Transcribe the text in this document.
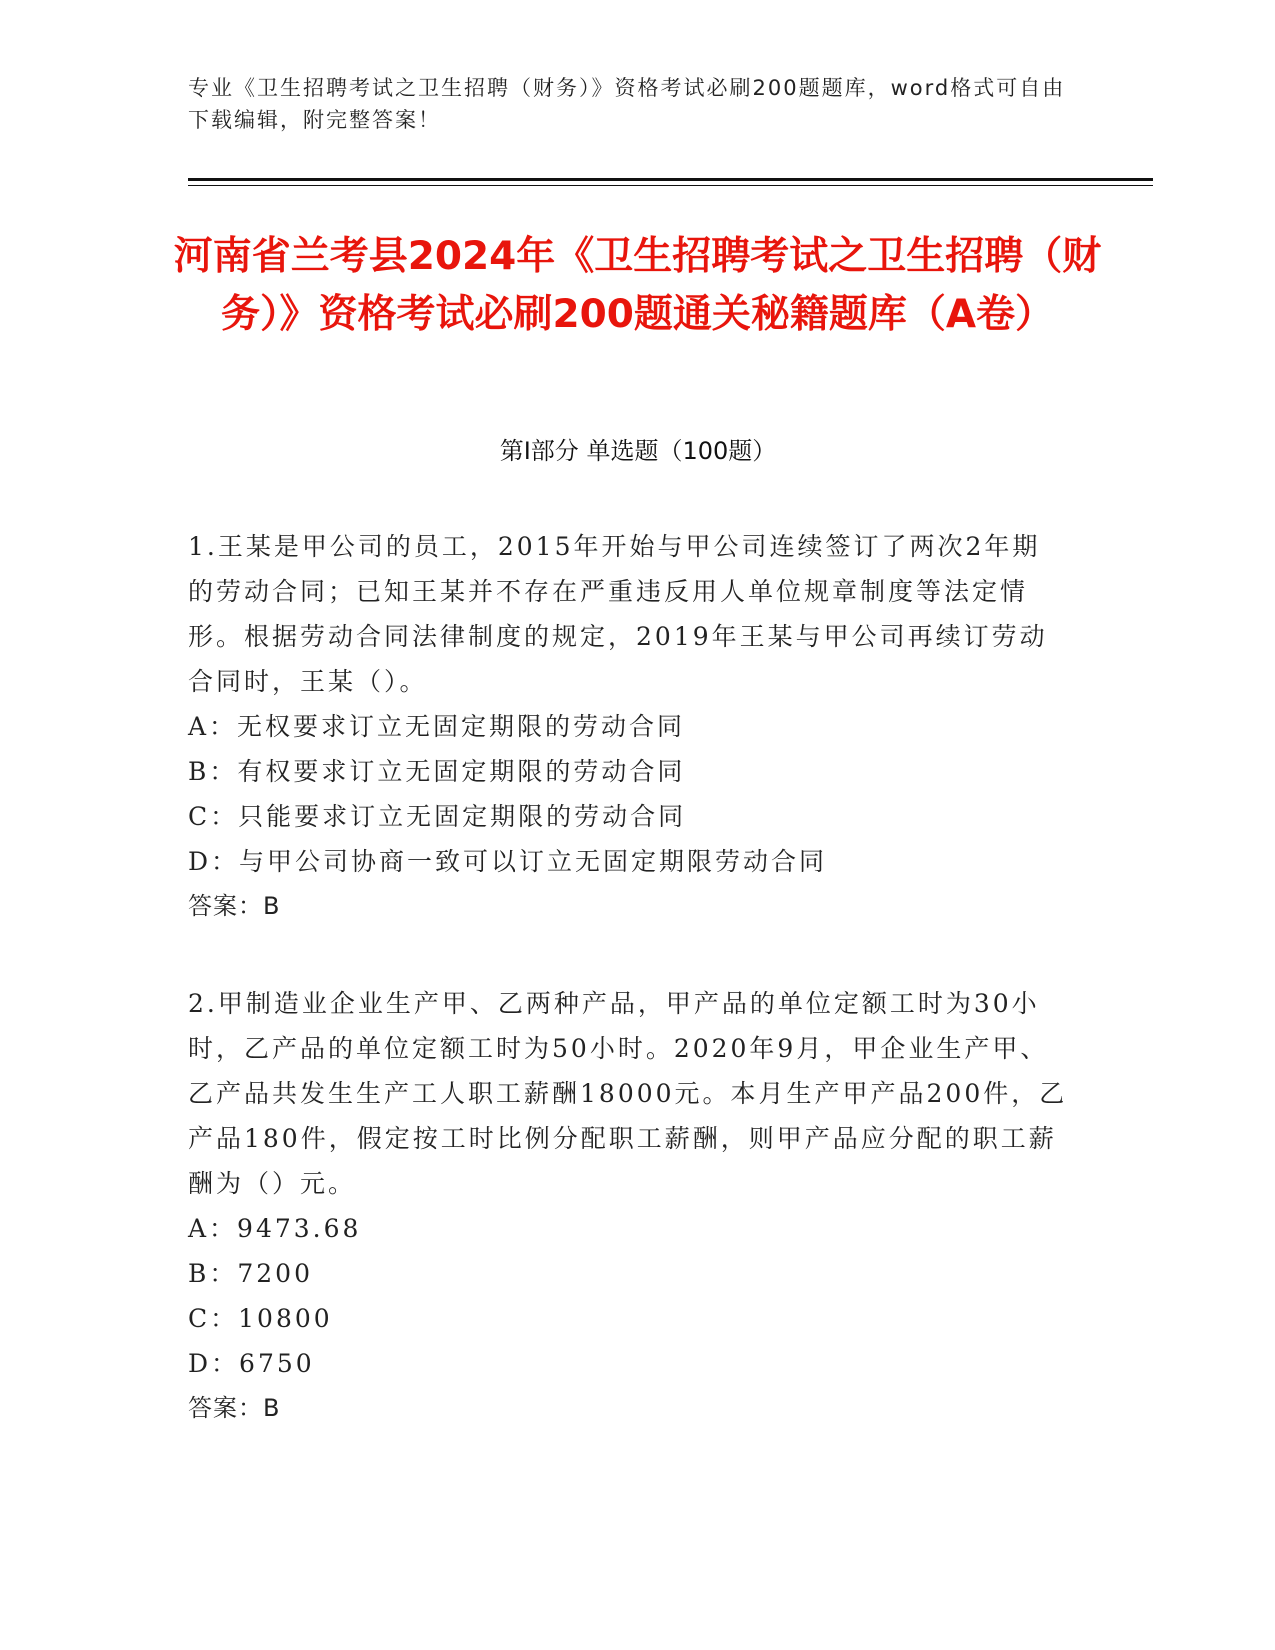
专业《卫生招聘考试之卫生招聘（财务）》资格考试必刷200题题库，word格式可自由下载编辑，附完整答案！
河南省兰考县2024年《卫生招聘考试之卫生招聘（财务）》资格考试必刷200题通关秘籍题库（A卷）
第Ⅰ部分 单选题（100题）

1.王某是甲公司的员工，2015年开始与甲公司连续签订了两次2年期的劳动合同；已知王某并不存在严重违反用人单位规章制度等法定情形。根据劳动合同法律制度的规定，2019年王某与甲公司再续订劳动合同时，王某（）。

A：无权要求订立无固定期限的劳动合同

B：有权要求订立无固定期限的劳动合同

C：只能要求订立无固定期限的劳动合同

D：与甲公司协商一致可以订立无固定期限劳动合同

答案：B

2.甲制造业企业生产甲、乙两种产品，甲产品的单位定额工时为30小时，乙产品的单位定额工时为50小时。2020年9月，甲企业生产甲、乙产品共发生生产工人职工薪酬18000元。本月生产甲产品200件，乙产品180件，假定按工时比例分配职工薪酬，则甲产品应分配的职工薪酬为（）元。

A：9473.68

B：7200

C：10800

D：6750

答案：B
